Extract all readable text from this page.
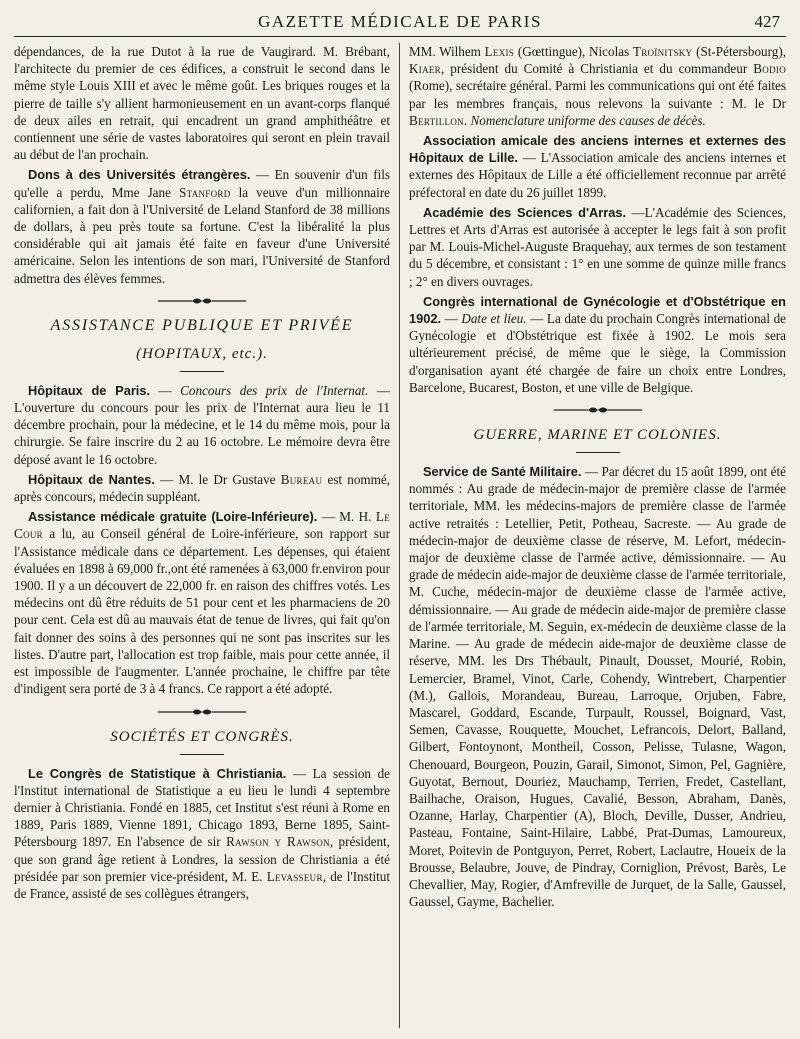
GAZETTE MÉDICALE DE PARIS	427

dépendances, de la rue Dutot à la rue de Vaugirard. M. Brébant, l'architecte du premier de ces édifices, a construit le second dans le même style Louis XIII et avec le même goût. Les briques rouges et la pierre de taille s'y allient harmonieusement en un avant-corps flanqué de deux ailes en retrait, qui encadrent un grand amphithéâtre et contiennent une série de vastes laboratoires qui seront en plein travail au début de l'an prochain.

Dons à des Universités étrangères. — En souvenir d'un fils qu'elle a perdu, Mme Jane Stanford la veuve d'un millionnaire californien, a fait don à l'Université de Leland Stanford de 38 millions de dollars, à peu près toute sa fortune. C'est la libéralité la plus considérable qui ait jamais été faite en faveur d'une Université américaine. Selon les intentions de son mari, l'Université de Stanford admettra des élèves femmes.

ASSISTANCE PUBLIQUE ET PRIVÉE
(HOPITAUX, etc.).

Hôpitaux de Paris. — Concours des prix de l'Internat. —L'ouverture du concours pour les prix de l'Internat aura lieu le 11 décembre prochain, pour la médecine, et le 14 du même mois, pour la chirurgie. Se faire inscrire du 2 au 16 octobre. Le mémoire devra être déposé avant le 16 octobre.

Hôpitaux de Nantes. — M. le Dr Gustave Bureau est nommé, après concours, médecin suppléant.

Assistance médicale gratuite (Loire-Inférieure). — M. H. Le Cour a lu, au Conseil général de Loire-inférieure, son rapport sur l'Assistance médicale dans ce département. Les dépenses, qui étaient évaluées en 1898 à 69,000 fr.,ont été ramenées à 63,000 fr.environ pour 1900. Il y a un découvert de 22,000 fr. en raison des chiffres votés. Les médecins ont dû être réduits de 51 pour cent et les pharmaciens de 20 pour cent. Cela est dû au mauvais état de tenue de livres, qui fait qu'on fait donner des soins à des personnes qui ne sont pas inscrites sur les listes. D'autre part, l'allocation est trop faible, mais pour cette année, il est impossible de l'augmenter. L'année prochaine, le chiffre par tête d'indigent sera porté de 3 à 4 francs. Ce rapport a été adopté.

SOCIÉTÉS ET CONGRÈS.

Le Congrès de Statistique à Christiania. — La session de l'Institut international de Statistique a eu lieu le lundi 4 septembre dernier à Christiania. Fondé en 1885, cet Institut s'est réuni à Rome en 1889, Paris 1889, Vienne 1891, Chicago 1893, Berne 1895, Saint-Pétersbourg 1897. En l'absence de sir Rawson y Rawson, président, que son grand âge retient à Londres, la session de Christiania a été présidée par son premier vice-président, M. E. Levasseur, de l'Institut de France, assisté de ses collègues étrangers,

MM. Wilhem Lexis (Gœttingue), Nicolas Troïnitsky (St-Pétersbourg), Kiaer, président du Comité à Christiania et du commandeur Bodio (Rome), secrétaire général. Parmi les communications qui ont été faites par les membres français, nous relevons la suivante : M. le Dr Bertillon. Nomenclature uniforme des causes de décès.

Association amicale des anciens internes et externes des Hôpitaux de Lille. — L'Association amicale des anciens internes et externes des Hôpitaux de Lille a été officiellement reconnue par arrêté préfectoral en date du 26 juillet 1899.

Académie des Sciences d'Arras. —L'Académie des Sciences, Lettres et Arts d'Arras est autorisée à accepter le legs fait à son profit par M. Louis-Michel-Auguste Braquehay, aux termes de son testament du 5 décembre, et consistant : 1° en une somme de quinze mille francs ; 2° en divers ouvrages.

Congrès international de Gynécologie et d'Obstétrique en 1902. — Date et lieu. — La date du prochain Congrès international de Gynécologie et d'Obstétrique est fixée à 1902. Le mois sera ultérieurement précisé, de même que le siège, la Commission d'organisation ayant été chargée de faire un choix entre Londres, Barcelone, Bucarest, Boston, et une ville de Belgique.

GUERRE, MARINE ET COLONIES.

Service de Santé Militaire. — Par décret du 15 août 1899, ont été nommés : Au grade de médecin-major de première classe de l'armée territoriale, MM. les médecins-majors de première classe de l'armée active retraités : Letellier, Petit, Potheau, Sacreste. — Au grade de médecin-major de deuxième classe de réserve, M. Lefort, médecin-major de deuxième classe de l'armée active, démissionnaire. — Au grade de médecin aide-major de deuxième classe de l'armée territoriale, M. Cuche, médecin-major de deuxième classe de l'armée active, démissionnaire. — Au grade de médecin aide-major de première classe de l'armée territoriale, M. Seguin, ex-médecin de deuxième classe de la Marine. — Au grade de médecin aide-major de deuxième classe de réserve, MM. les Drs Thébault, Pinault, Dousset, Mourié, Robin, Lemercier, Bramel, Vinot, Carle, Cohendy, Wintrebert, Charpentier (M.), Gallois, Morandeau, Bureau, Larroque, Orjuben, Fabre, Mascarel, Goddard, Escande, Turpault, Roussel, Boignard, Vast, Semen, Cavasse, Rouquette, Mouchet, Lefrancois, Delort, Balland, Gilbert, Fontoynont, Montheil, Cosson, Pelisse, Tulasne, Wagon, Chenouard, Bourgeon, Pouzin, Garail, Simonot, Simon, Pel, Gagnière, Guyotat, Bernout, Douriez, Mauchamp, Terrien, Fredet, Castellant, Bailhache, Oraison, Hugues, Cavalié, Besson, Abraham, Danès, Ozanne, Harlay, Charpentier (A), Bloch, Deville, Dusser, Andrieu, Pasteau, Fontaine, Saint-Hilaire, Labbé, Prat-Dumas, Lamoureux, Moret, Poitevin de Pontguyon, Perret, Robert, Laclautre, Houeix de la Brousse, Belaubre, Jouve, de Pindray, Corniglion, Prévost, Barès, Le Chevallier, May, Rogier, d'Amfreville de Jurquet, de la Salle, Gaussel, Gaussel, Gayme, Bachelier.
